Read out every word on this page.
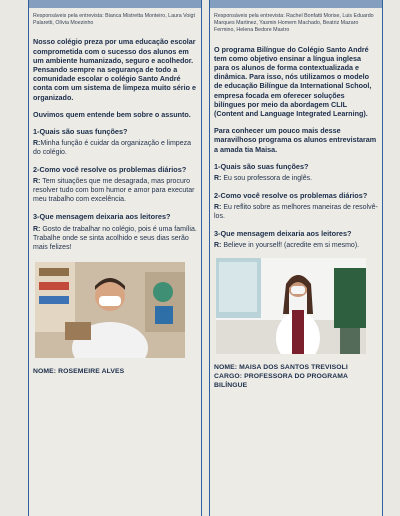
Responsáveis pela entrevista: Bianca Mistretta Monteiro, Laura Voigt Palaretti, Olívia Moezinho

Nosso colégio preza por uma educação escolar comprometida com o sucesso dos alunos em um ambiente humanizado, seguro e acolhedor.

Pensando sempre na segurança de todo a comunidade escolar o colégio Santo André conta com um sistema de limpeza muito sério e organizado.

Ouvimos quem entende bem sobre o assunto.

1-Quais são suas funções?

R:Minha função é cuidar da organização e limpeza do colégio.

2-Como você resolve os problemas diários?

R: Tem situações que me desagrada, mas procuro resolver tudo com bom humor e amor para executar meu trabalho com excelência.

3-Que mensagem deixaria aos leitores?

R: Gosto de trabalhar no colégio, pois é uma família.

Trabalhe onde se sinta acolhido e seus dias serão mais felizes!

NOME: ROSEMEIRE ALVES
Responsáveis pela entrevista: Rachel Bonfatti Morise, Luis Eduardo Marques Martinez, Yasmin Homem Machado, Beatriz Mazaro Fermino, Helena Bedore Mastro

O programa Bilíngue do Colégio Santo André tem como objetivo ensinar a língua inglesa para os alunos de forma contextualizada e dinâmica. Para isso, nós utilizamos o modelo de educação Bilíngue da International School, empresa focada em oferecer soluções bilíngues por meio da abordagem CLIL (Content and Language Integrated Learning).

Para conhecer um pouco mais desse maravilhoso programa os alunos entrevistaram a amada tia Maisa.

1-Quais são suas funções?

R: Eu sou professora de inglês.

2-Como você resolve os problemas diários?

R: Eu reflito sobre as melhores maneiras de resolvê-los.

3-Que mensagem deixaria aos leitores?

R: Believe in yourself! (acredite em si mesmo).

NOME: MAISA DOS SANTOS TREVISOLI
CARGO: PROFESSORA DO PROGRAMA BILÍNGUE
